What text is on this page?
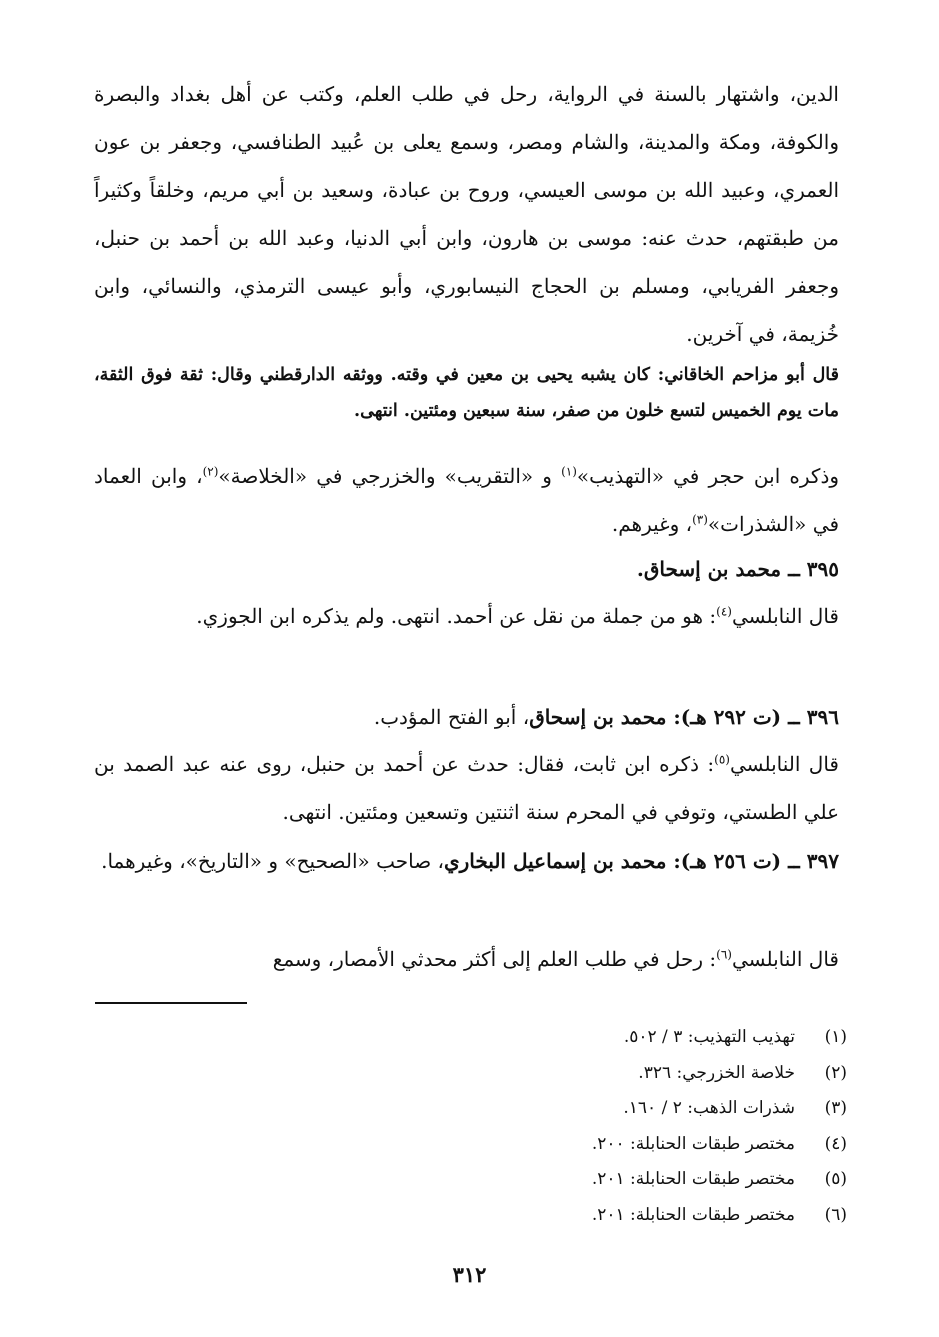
الدين، واشتهار بالسنة في الرواية، رحل في طلب العلم، وكتب عن أهل بغداد والبصرة والكوفة، ومكة والمدينة، والشام ومصر، وسمع يعلى بن عُبيد الطنافسي، وجعفر بن عون العمري، وعبيد الله بن موسى العيسي، وروح بن عبادة، وسعيد بن أبي مريم، وخلقاً وكثيراً من طبقتهم، حدث عنه: موسى بن هارون، وابن أبي الدنيا، وعبد الله بن أحمد بن حنبل، وجعفر الفريابي، ومسلم بن الحجاج النيسابوري، وأبو عيسى الترمذي، والنسائي، وابن خُزيمة، في آخرين.

قال أبو مزاحم الخاقاني: كان يشبه يحيى بن معين في وقته. ووثقه الدارقطني وقال: ثقة فوق الثقة، مات يوم الخميس لتسع خلون من صفر، سنة سبعين ومئتين. انتهى.

وذكره ابن حجر في «التهذيب»$^{(١)}$ و «التقريب» والخزرجي في «الخلاصة»$^{(٢)}$، وابن العماد في «الشذرات»$^{(٣)}$، وغيرهم.

٣٩٥ ــ محمد بن إسحاق.

قال النابلسي$^{(٤)}$: هو من جملة من نقل عن أحمد. انتهى. ولم يذكره ابن الجوزي.

٣٩٦ ــ (ت ٢٩٢ هـ): محمد بن إسحاق، أبو الفتح المؤدب.

قال النابلسي$^{(٥)}$: ذكره ابن ثابت، فقال: حدث عن أحمد بن حنبل، روى عنه عبد الصمد بن علي الطستي، وتوفي في المحرم سنة اثنتين وتسعين ومئتين. انتهى.

٣٩٧ ــ (ت ٢٥٦ هـ): محمد بن إسماعيل البخاري، صاحب «الصحيح» و «التاريخ»، وغيرهما.

قال النابلسي$^{(٦)}$: رحل في طلب العلم إلى أكثر محدثي الأمصار، وسمع

(١)تهذيب التهذيب: ٣ / ٥٠٢.
(٢)خلاصة الخزرجي: ٣٢٦.
(٣)شذرات الذهب: ٢ / ١٦٠.
(٤)مختصر طبقات الحنابلة: ٢٠٠.
(٥)مختصر طبقات الحنابلة: ٢٠١.
(٦)مختصر طبقات الحنابلة: ٢٠١.
٣١٢
